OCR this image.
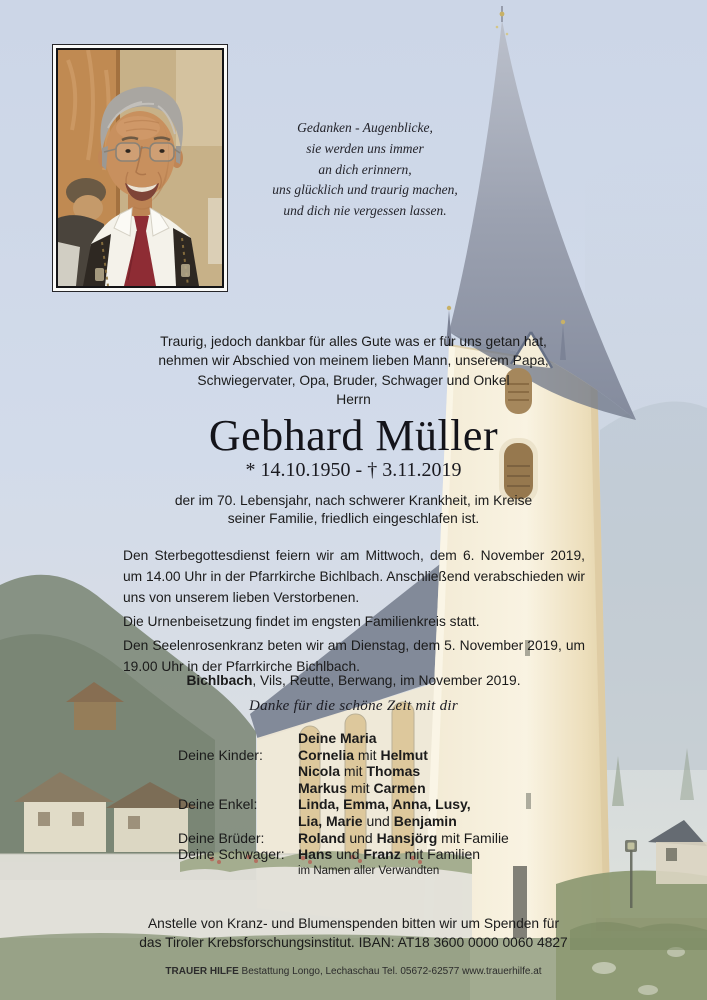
Gedanken - Augenblicke,
sie werden uns immer
an dich erinnern,
uns glücklich und traurig machen,
und dich nie vergessen lassen.
Traurig, jedoch dankbar für alles Gute was er für uns getan hat,
nehmen wir Abschied von meinem lieben Mann, unserem Papa,
Schwiegervater, Opa, Bruder, Schwager und Onkel
Herrn
Gebhard Müller
* 14.10.1950 - † 3.11.2019
der im 70. Lebensjahr, nach schwerer Krankheit, im Kreise
seiner Familie, friedlich eingeschlafen ist.

Den Sterbegottesdienst feiern wir am Mittwoch, dem 6. November 2019, um 14.00 Uhr in der Pfarrkirche Bichlbach. Anschließend verabschieden wir uns von unserem lieben Verstorbenen.

Die Urnenbeisetzung findet im engsten Familienkreis statt.

Den Seelenrosenkranz beten wir am Dienstag, dem 5. November 2019, um 19.00 Uhr in der Pfarrkirche Bichlbach.

Bichlbach, Vils, Reutte, Berwang, im November 2019.
Danke für die schöne Zeit mit dir
Deine Maria
Deine Kinder:	Cornelia mit Helmut
Nicola mit Thomas
Markus mit Carmen
Deine Enkel:	Linda, Emma, Anna, Lusy,
Lia, Marie und Benjamin
Deine Brüder:	Roland und Hansjörg mit Familie
Deine Schwager: Hans und Franz mit Familien
im Namen aller Verwandten
Anstelle von Kranz- und Blumenspenden bitten wir um Spenden für
das Tiroler Krebsforschungsinstitut. IBAN: AT18 3600 0000 0060 4827
TRAUER HILFE Bestattung Longo, Lechaschau Tel. 05672-62577 www.trauerhilfe.at
